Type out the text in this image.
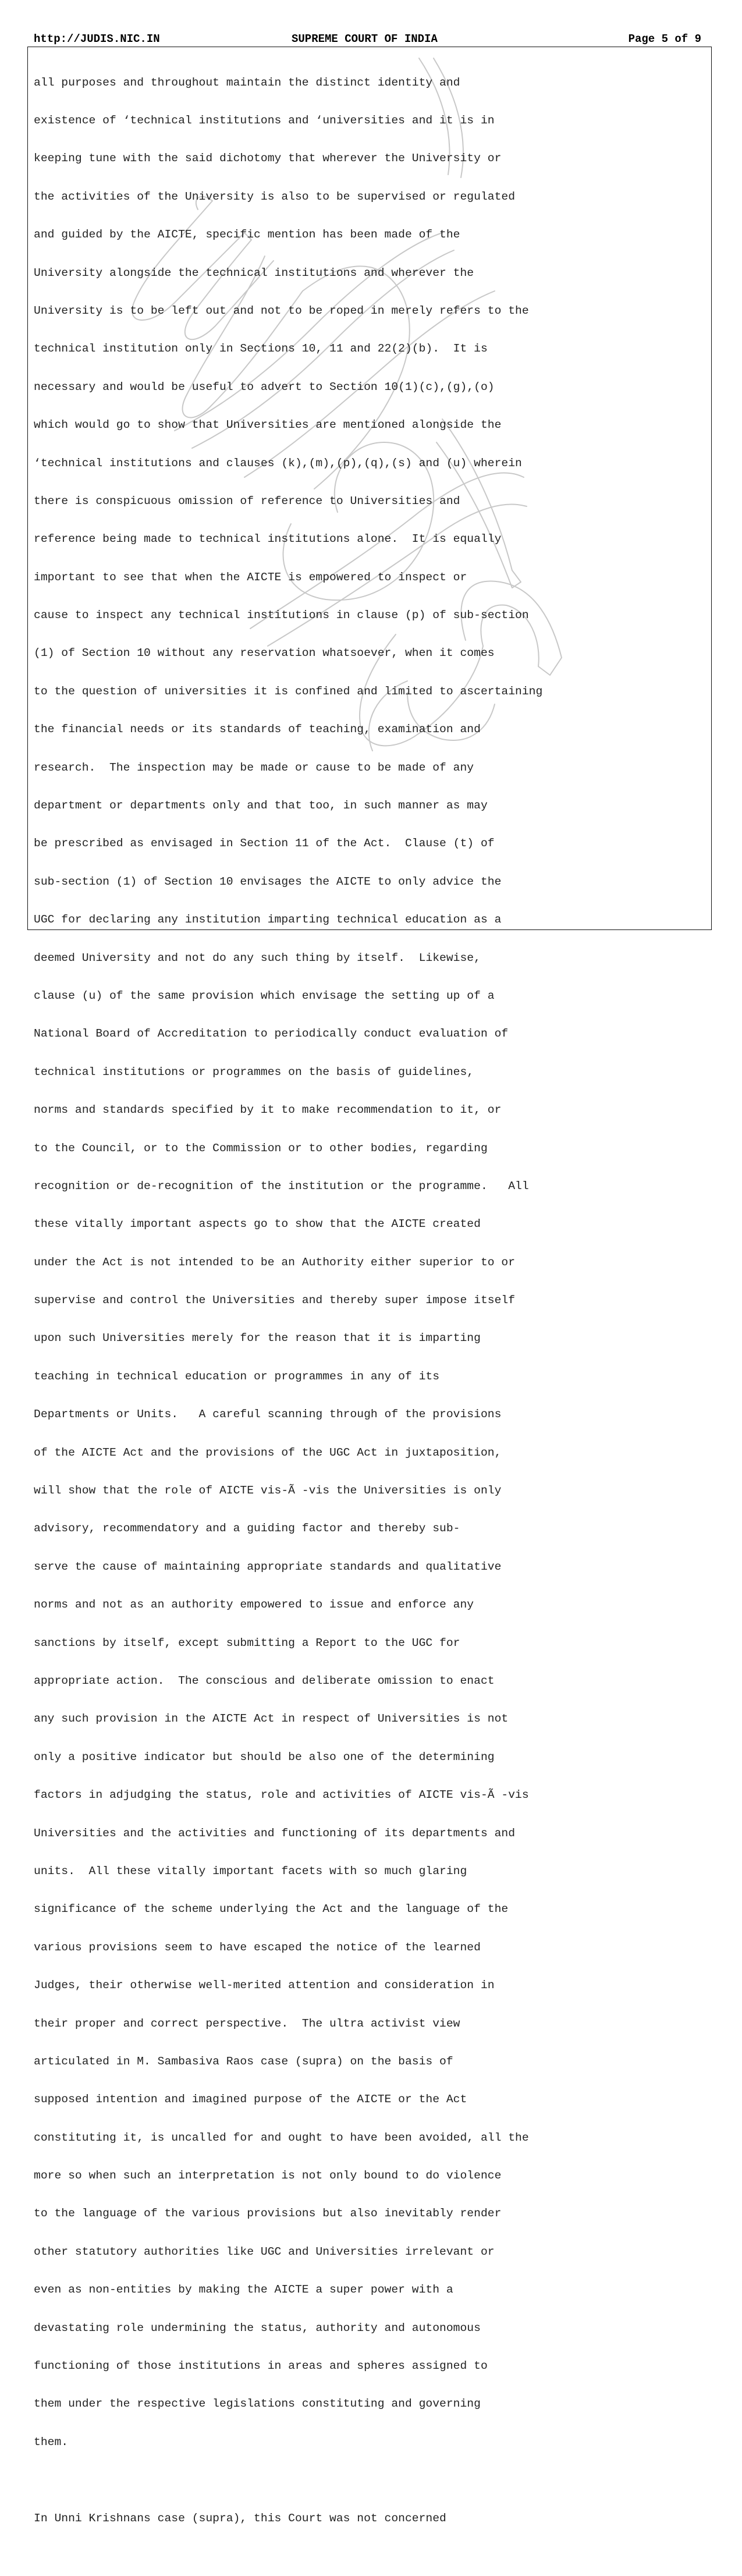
http://JUDIS.NIC.IN	SUPREME COURT OF INDIA	Page 5 of 9

all purposes and throughout maintain the distinct identity and

existence of ‘technical institutions and ‘universities and it is in

keeping tune with the said dichotomy that wherever the University or

the activities of the University is also to be supervised or regulated

and guided by the AICTE, specific mention has been made of the

University alongside the technical institutions and wherever the

University is to be left out and not to be roped in merely refers to the

technical institution only in Sections 10, 11 and 22(2)(b).  It is

necessary and would be useful to advert to Section 10(1)(c),(g),(o)

which would go to show that Universities are mentioned alongside the

‘technical institutions and clauses (k),(m),(p),(q),(s) and (u) wherein

there is conspicuous omission of reference to Universities and

reference being made to technical institutions alone.  It is equally

important to see that when the AICTE is empowered to inspect or

cause to inspect any technical institutions in clause (p) of sub-section

(1) of Section 10 without any reservation whatsoever, when it comes

to the question of universities it is confined and limited to ascertaining

the financial needs or its standards of teaching, examination and

research.  The inspection may be made or cause to be made of any

department or departments only and that too, in such manner as may

be prescribed as envisaged in Section 11 of the Act.  Clause (t) of

sub-section (1) of Section 10 envisages the AICTE to only advice the

UGC for declaring any institution imparting technical education as a

deemed University and not do any such thing by itself.  Likewise,

clause (u) of the same provision which envisage the setting up of a

National Board of Accreditation to periodically conduct evaluation of

technical institutions or programmes on the basis of guidelines,

norms and standards specified by it to make recommendation to it, or

to the Council, or to the Commission or to other bodies, regarding

recognition or de-recognition of the institution or the programme.   All

these vitally important aspects go to show that the AICTE created

under the Act is not intended to be an Authority either superior to or

supervise and control the Universities and thereby super impose itself

upon such Universities merely for the reason that it is imparting

teaching in technical education or programmes in any of its

Departments or Units.   A careful scanning through of the provisions

of the AICTE Act and the provisions of the UGC Act in juxtaposition,

will show that the role of AICTE vis-Ã -vis the Universities is only

advisory, recommendatory and a guiding factor and thereby sub-

serve the cause of maintaining appropriate standards and qualitative

norms and not as an authority empowered to issue and enforce any

sanctions by itself, except submitting a Report to the UGC for

appropriate action.  The conscious and deliberate omission to enact

any such provision in the AICTE Act in respect of Universities is not

only a positive indicator but should be also one of the determining

factors in adjudging the status, role and activities of AICTE vis-Ã -vis

Universities and the activities and functioning of its departments and

units.  All these vitally important facets with so much glaring

significance of the scheme underlying the Act and the language of the

various provisions seem to have escaped the notice of the learned

Judges, their otherwise well-merited attention and consideration in

their proper and correct perspective.  The ultra activist view

articulated in M. Sambasiva Raos case (supra) on the basis of

supposed intention and imagined purpose of the AICTE or the Act

constituting it, is uncalled for and ought to have been avoided, all the

more so when such an interpretation is not only bound to do violence

to the language of the various provisions but also inevitably render

other statutory authorities like UGC and Universities irrelevant or

even as non-entities by making the AICTE a super power with a

devastating role undermining the status, authority and autonomous

functioning of those institutions in areas and spheres assigned to

them under the respective legislations constituting and governing

them.

In Unni Krishnans case (supra), this Court was not concerned
